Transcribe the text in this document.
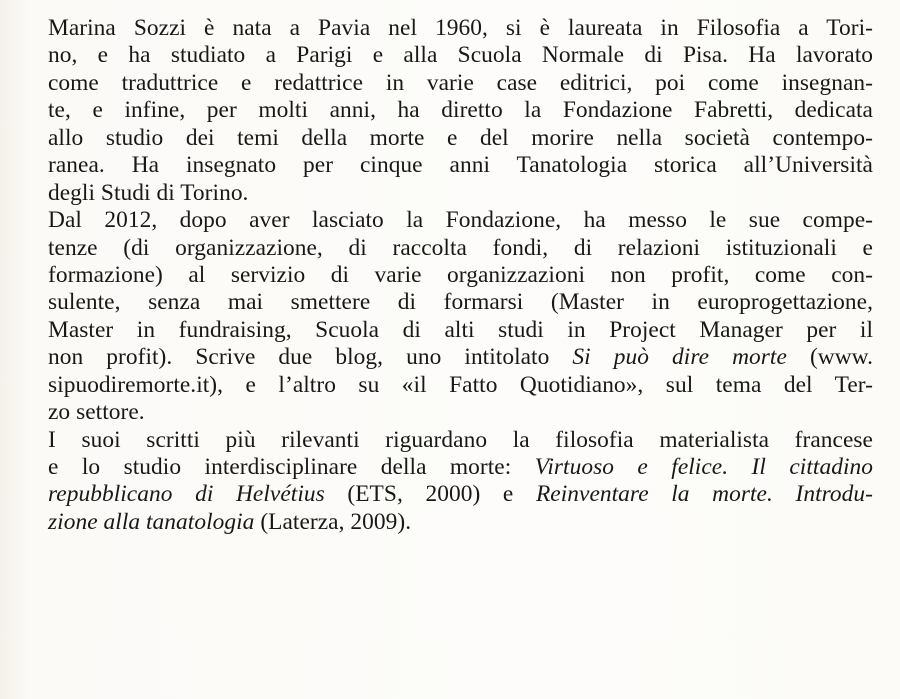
Marina Sozzi è nata a Pavia nel 1960, si è laureata in Filosofia a Tori-
no, e ha studiato a Parigi e alla Scuola Normale di Pisa. Ha lavorato
come traduttrice e redattrice in varie case editrici, poi come insegnan-
te, e infine, per molti anni, ha diretto la Fondazione Fabretti, dedicata
allo studio dei temi della morte e del morire nella società contempo-
ranea. Ha insegnato per cinque anni Tanatologia storica all’Università
degli Studi di Torino.
Dal 2012, dopo aver lasciato la Fondazione, ha messo le sue compe-
tenze (di organizzazione, di raccolta fondi, di relazioni istituzionali e
formazione) al servizio di varie organizzazioni non profit, come con-
sulente, senza mai smettere di formarsi (Master in europrogettazione,
Master in fundraising, Scuola di alti studi in Project Manager per il
non profit). Scrive due blog, uno intitolato Si può dire morte (www.
sipuodiremorte.it), e l’altro su «il Fatto Quotidiano», sul tema del Ter-
zo settore.
I suoi scritti più rilevanti riguardano la filosofia materialista francese
e lo studio interdisciplinare della morte: Virtuoso e felice. Il cittadino
repubblicano di Helvétius (ETS, 2000) e Reinventare la morte. Introdu-
zione alla tanatologia (Laterza, 2009).
